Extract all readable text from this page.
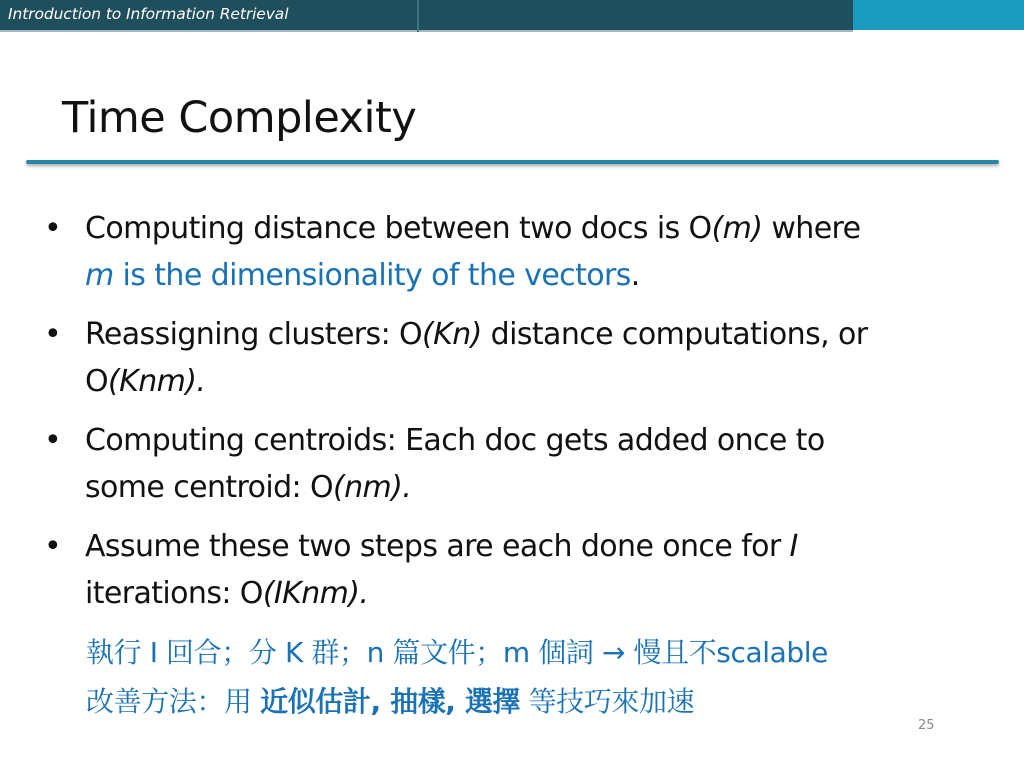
Introduction to Information Retrieval
Time Complexity
• Computing distance between two docs is O(m) where
m is the dimensionality of the vectors.
• Reassigning clusters: O(Kn) distance computations, or
O(Knm).
• Computing centroids: Each doc gets added once to
some centroid: O(nm).
• Assume these two steps are each done once for I
iterations: O(IKnm).
執行 I 回合；分 K 群；n 篇文件；m 個詞 → 慢且不scalable
改善方法：用 近似估計, 抽樣, 選擇 等技巧來加速
25
